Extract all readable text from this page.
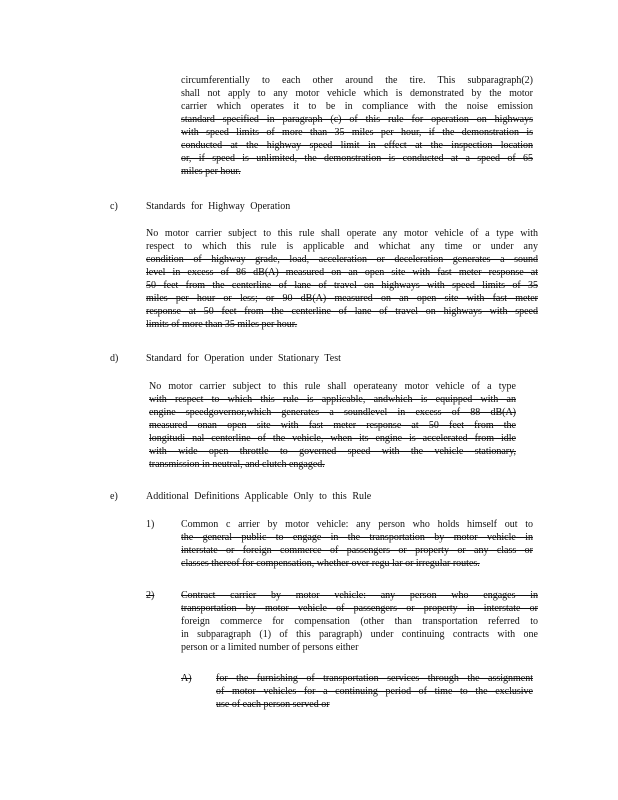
circumferentially to each other around the tire. This subparagraph(2)
shall not apply to any motor vehicle which is demonstrated by the motor
carrier which operates it to be in compliance with the noise emission
standard specified in paragraph (c) of this rule for operation on highways
with speed limits of more than 35 miles per hour, if the demonstration is
conducted at the highway speed limit in effect at the inspection location
or, if speed is unlimited, the demonstration is conducted at a speed of 65
miles per hour.
c)	Standards for Highway Operation
No motor carrier subject to this rule shall operate any motor vehicle of a type with
respect to which this rule is applicable and whichat any time or under any
condition of highway grade, load, acceleration or deceleration generates a sound
level in excess of 86 dB(A) measured on an open site with fast meter response at
50 feet from the centerline of lane of travel on highways with speed limits of 35
miles per hour or less; or 90 dB(A) measured on an open site with fast meter
response at 50 feet from the centerline of lane of travel on highways with speed
limits of more than 35 miles per hour.
d)	Standard for Operation under Stationary Test
No motor carrier subject to this rule shall operateany motor vehicle of a type
with respect to which this rule is applicable, andwhich is equipped with an
engine speedgovernor,which generates a soundlevel in excess of 88 dB(A)
measured onan open site with fast meter response at 50 feet from the
longitudi nal centerline of the vehicle, when its engine is accelerated from idle
with wide open throttle to governed speed with the vehicle stationary,
transmission in neutral, and clutch engaged.
e)	Additional Definitions Applicable Only to this Rule
1)	Common c arrier by motor vehicle: any person who holds himself out to
the general public to engage in the transportation by motor vehicle in
interstate or foreign commerce of passengers or property or any class or
classes thereof for compensation, whether over regu lar or irregular routes.
2)	Contract carrier by motor vehicle: any person who engages in
transportation by motor vehicle of passengers or property in interstate or
foreign commerce for compensation (other than transportation referred to
in subparagraph (1) of this paragraph) under continuing contracts with one
person or a limited number of persons either
A) for the furnishing of transportation services through the assignment
of motor vehicles for a continuing period of time to the exclusive
use of each person served or
